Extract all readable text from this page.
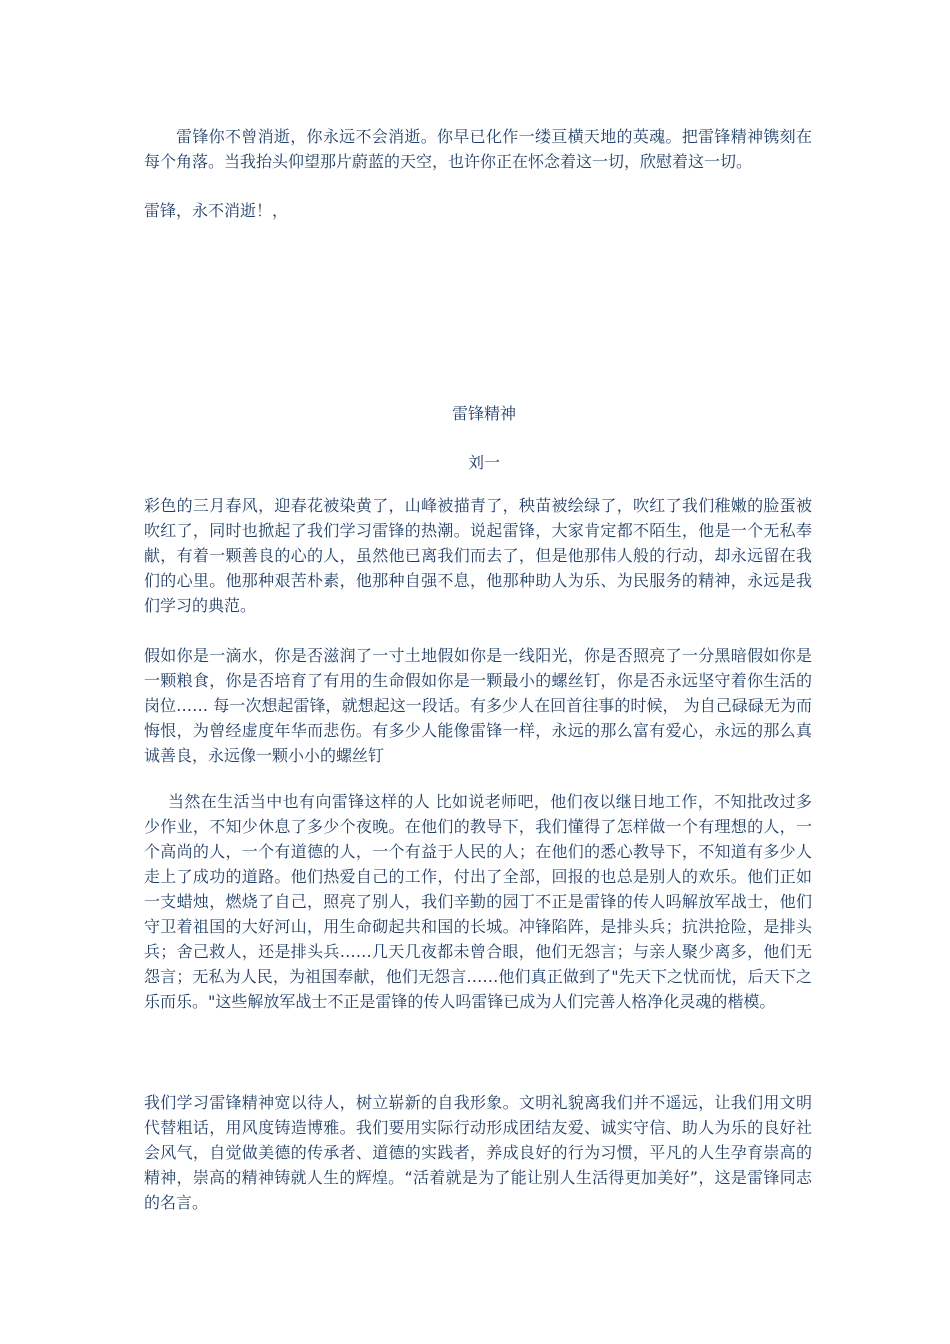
雷锋你不曾消逝，你永远不会消逝。你早已化作一缕亘横天地的英魂。把雷锋精神镌刻在每个角落。当我抬头仰望那片蔚蓝的天空，也许你正在怀念着这一切，欣慰着这一切。

雷锋，永不消逝！，

雷锋精神

刘一

彩色的三月春风，迎春花被染黄了，山峰被描青了，秧苗被绘绿了，吹红了我们稚嫩的脸蛋被吹红了，同时也掀起了我们学习雷锋的热潮。说起雷锋，大家肯定都不陌生，他是一个无私奉献，有着一颗善良的心的人，虽然他已离我们而去了，但是他那伟人般的行动，却永远留在我们的心里。他那种艰苦朴素，他那种自强不息，他那种助人为乐、为民服务的精神，永远是我们学习的典范。

假如你是一滴水，你是否滋润了一寸土地假如你是一线阳光，你是否照亮了一分黑暗假如你是一颗粮食，你是否培育了有用的生命假如你是一颗最小的螺丝钉，你是否永远坚守着你生活的岗位…… 每一次想起雷锋，就想起这一段话。有多少人在回首往事的时候， 为自己碌碌无为而悔恨，为曾经虚度年华而悲伤。有多少人能像雷锋一样，永远的那么富有爱心，永远的那么真诚善良，永远像一颗小小的螺丝钉

当然在生活当中也有向雷锋这样的人 比如说老师吧，他们夜以继日地工作，不知批改过多少作业，不知少休息了多少个夜晚。在他们的教导下，我们懂得了怎样做一个有理想的人，一个高尚的人，一个有道德的人，一个有益于人民的人；在他们的悉心教导下，不知道有多少人走上了成功的道路。他们热爱自己的工作，付出了全部，回报的也总是别人的欢乐。他们正如一支蜡烛，燃烧了自己，照亮了别人，我们辛勤的园丁不正是雷锋的传人吗解放军战士，他们守卫着祖国的大好河山，用生命砌起共和国的长城。冲锋陷阵，是排头兵；抗洪抢险，是排头兵；舍己救人，还是排头兵……几天几夜都未曾合眼，他们无怨言；与亲人聚少离多，他们无怨言；无私为人民，为祖国奉献，他们无怨言……他们真正做到了"先天下之忧而忧，后天下之乐而乐。"这些解放军战士不正是雷锋的传人吗雷锋已成为人们完善人格净化灵魂的楷模。

我们学习雷锋精神宽以待人，树立崭新的自我形象。文明礼貌离我们并不遥远，让我们用文明代替粗话，用风度铸造博雅。我们要用实际行动形成团结友爱、诚实守信、助人为乐的良好社会风气，自觉做美德的传承者、道德的实践者，养成良好的行为习惯，平凡的人生孕育崇高的精神，崇高的精神铸就人生的辉煌。“活着就是为了能让别人生活得更加美好”，这是雷锋同志的名言。
